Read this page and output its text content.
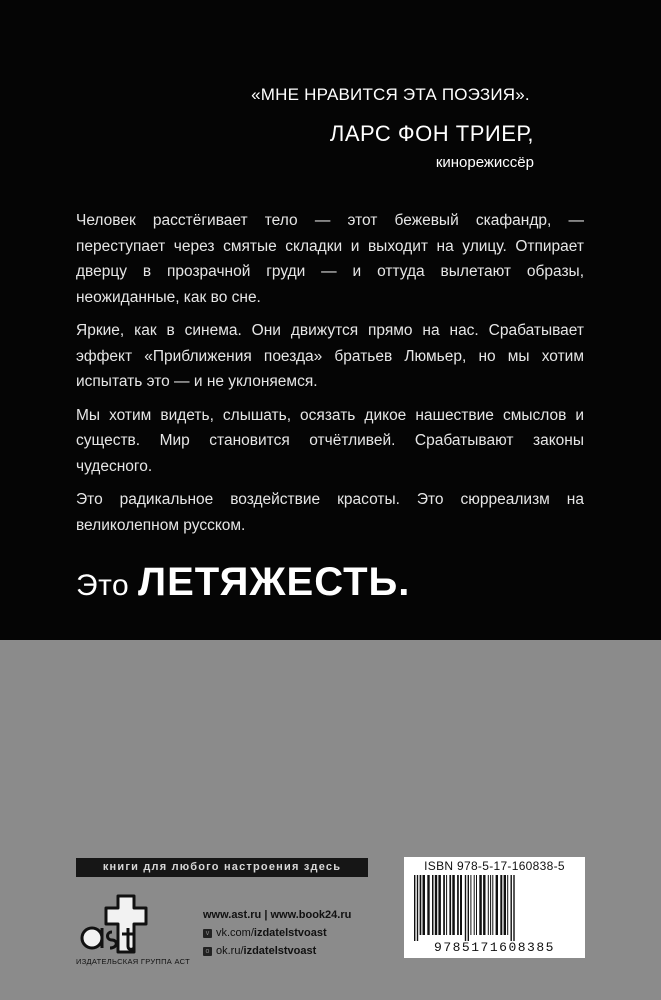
«МНЕ НРАВИТСЯ ЭТА ПОЭЗИЯ».
ЛАРС ФОН ТРИЕР,
кинорежиссёр

Человек расстёгивает тело — этот бежевый скафандр, — переступает через смятые складки и выходит на улицу. Отпирает дверцу в прозрачной груди — и оттуда вылетают образы, неожиданные, как во сне.

Яркие, как в синема. Они движутся прямо на нас. Срабатывает эффект «Приближения поезда» братьев Люмьер, но мы хотим испытать это — и не уклоняемся.

Мы хотим видеть, слышать, осязать дикое нашествие смыслов и существ. Мир становится отчётливей. Срабатывают законы чудесного.

Это радикальное воздействие красоты. Это сюрреализм на великолепном русском.

Это ЛЕТЯЖЕСТЬ.
книги для любого настроения здесь
ИЗДАТЕЛЬСКАЯ ГРУППА АСТ
www.ast.ru | www.book24.ru
v vk.com/izdatelstvoast
o ok.ru/izdatelstvoast
ISBN 978-5-17-160838-5
9785171608385
